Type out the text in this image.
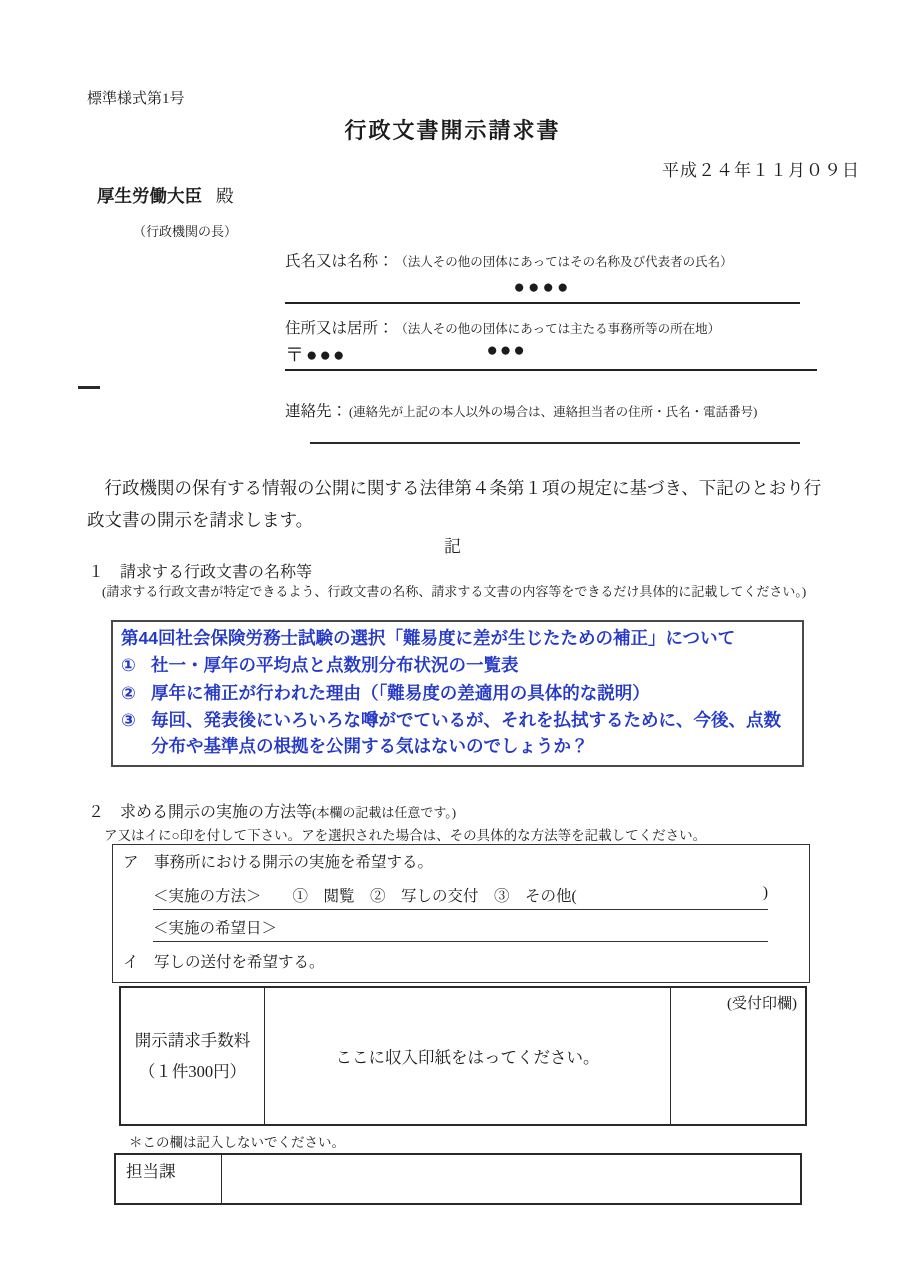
標準様式第1号
行政文書開示請求書
平成２４年１１月０９日
厚生労働大臣 殿
（行政機関の長）
氏名又は名称： （法人その他の団体にあってはその名称及び代表者の氏名）
●●●●
住所又は居所： （法人その他の団体にあっては主たる事務所等の所在地）
〒●●●	●●●
連絡先： (連絡先が上記の本人以外の場合は、連絡担当者の住所・氏名・電話番号)
　行政機関の保有する情報の公開に関する法律第４条第１項の規定に基づき、下記のとおり行政文書の開示を請求します。
記
１　請求する行政文書の名称等
(請求する行政文書が特定できるよう、行政文書の名称、請求する文書の内容等をできるだけ具体的に記載してください。)
第44回社会保険労務士試験の選択「難易度に差が生じたための補正」について
① 社一・厚年の平均点と点数別分布状況の一覧表
② 厚年に補正が行われた理由（「難易度の差適用の具体的な説明）
③ 毎回、発表後にいろいろな噂がでているが、それを払拭するために、今後、点数分布や基準点の根拠を公開する気はないのでしょうか？
２　求める開示の実施の方法等(本欄の記載は任意です。)
ア又はイに○印を付して下さい。アを選択された場合は、その具体的な方法等を記載してください。
ア　事務所における開示の実施を希望する。
＜実施の方法＞　　①　閲覧　②　写しの交付　③　その他(	)
＜実施の希望日＞
イ　写しの送付を希望する。
開示請求手数料
（１件300円）
ここに収入印紙をはってください。
(受付印欄)
＊この欄は記入しないでください。
担当課
